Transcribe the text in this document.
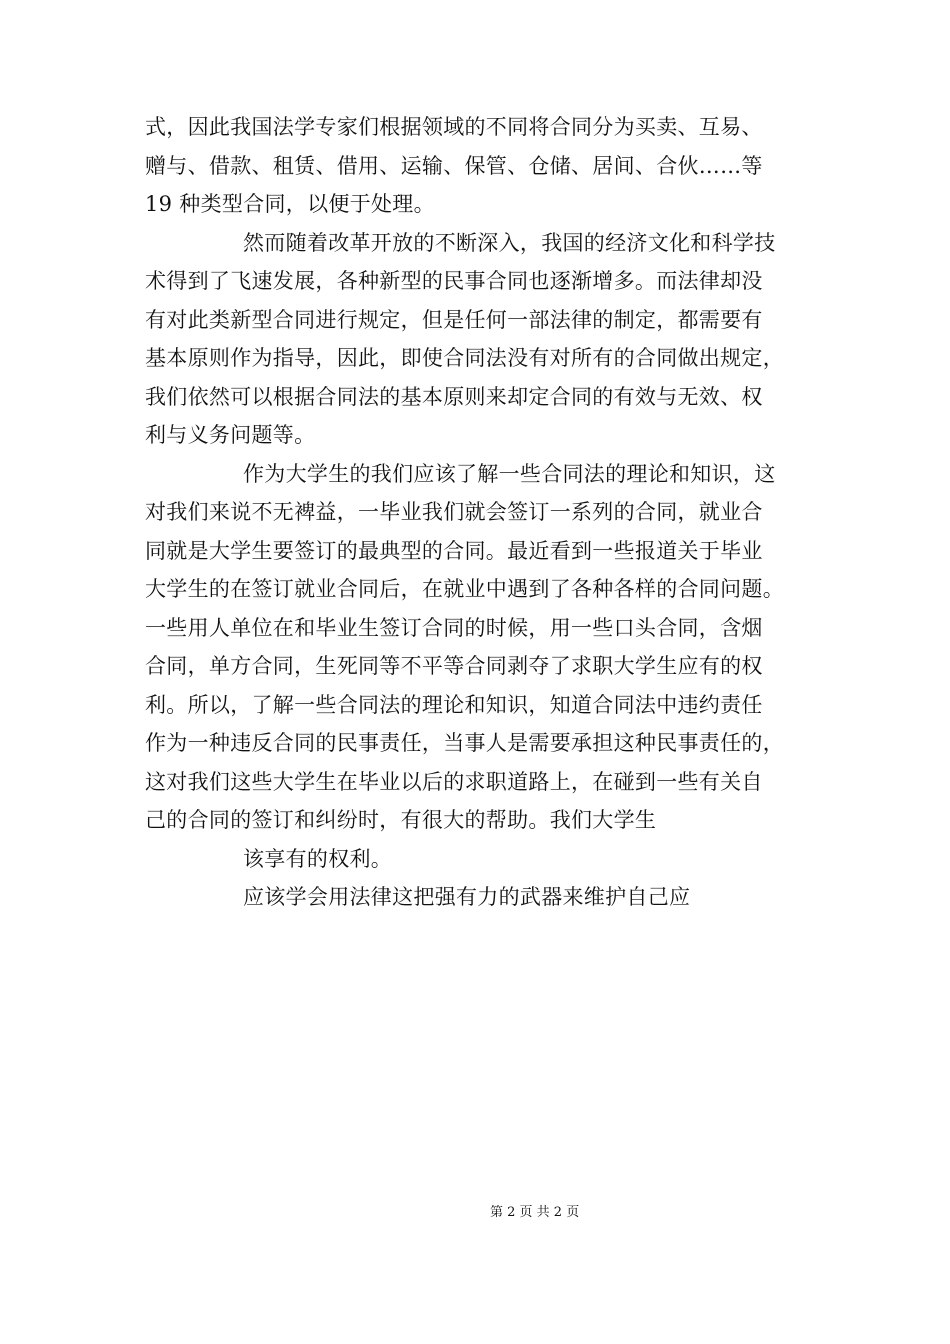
式，因此我国法学专家们根据领域的不同将合同分为买卖、互易、
赠与、借款、租赁、借用、运输、保管、仓储、居间、合伙……等
19 种类型合同，以便于处理。
然而随着改革开放的不断深入，我国的经济文化和科学技
术得到了飞速发展，各种新型的民事合同也逐渐增多。而法律却没
有对此类新型合同进行规定，但是任何一部法律的制定，都需要有
基本原则作为指导，因此，即使合同法没有对所有的合同做出规定，
我们依然可以根据合同法的基本原则来却定合同的有效与无效、权
利与义务问题等。
作为大学生的我们应该了解一些合同法的理论和知识，这
对我们来说不无裨益，一毕业我们就会签订一系列的合同，就业合
同就是大学生要签订的最典型的合同。最近看到一些报道关于毕业
大学生的在签订就业合同后，在就业中遇到了各种各样的合同问题。
一些用人单位在和毕业生签订合同的时候，用一些口头合同，含烟
合同，单方合同，生死同等不平等合同剥夺了求职大学生应有的权
利。所以，了解一些合同法的理论和知识，知道合同法中违约责任
作为一种违反合同的民事责任，当事人是需要承担这种民事责任的，
这对我们这些大学生在毕业以后的求职道路上，在碰到一些有关自
己的合同的签订和纠纷时，有很大的帮助。我们大学生
该享有的权利。
应该学会用法律这把强有力的武器来维护自己应
第 2 页 共 2 页
